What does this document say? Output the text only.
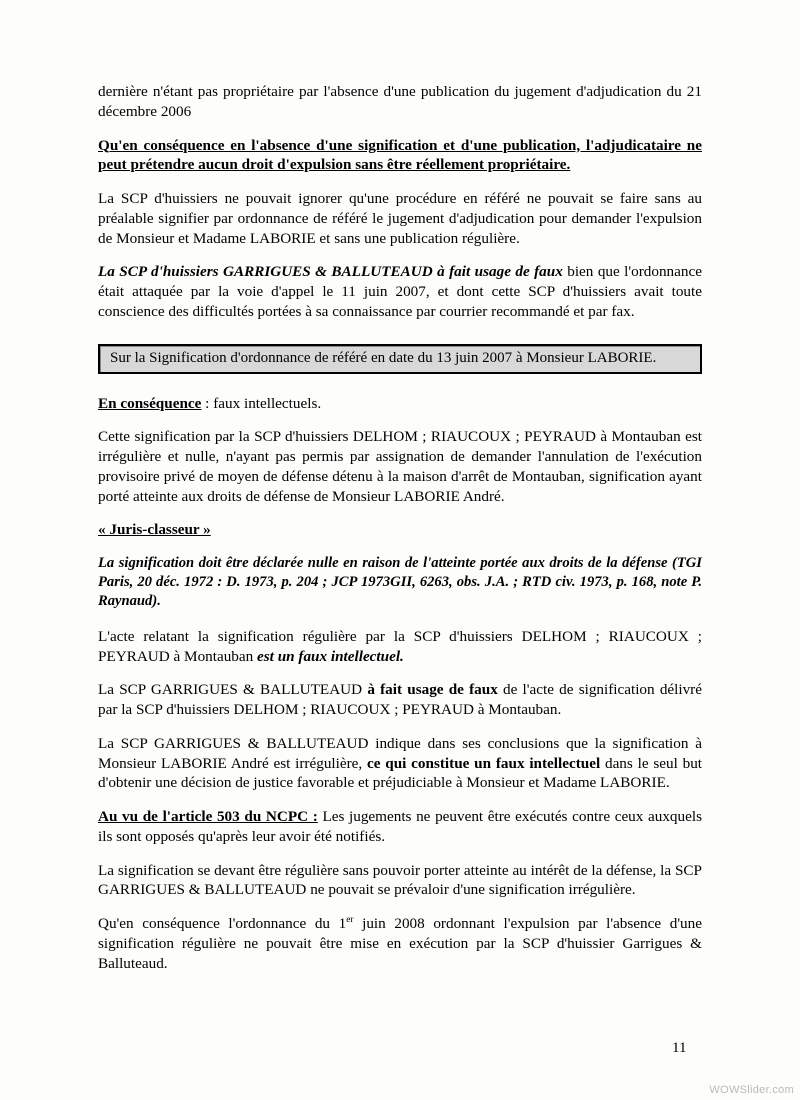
dernière n'étant pas propriétaire par l'absence d'une publication du jugement d'adjudication du 21 décembre 2006

Qu'en conséquence en l'absence d'une signification et d'une publication, l'adjudicataire ne peut prétendre aucun droit d'expulsion sans être réellement propriétaire.

La SCP d'huissiers ne pouvait ignorer qu'une procédure en référé ne pouvait se faire sans au préalable signifier par ordonnance de référé le jugement d'adjudication pour demander l'expulsion de Monsieur et Madame LABORIE et sans une publication régulière.

La SCP d'huissiers GARRIGUES & BALLUTEAUD à fait usage de faux bien que l'ordonnance était attaquée par la voie d'appel le 11 juin 2007, et dont cette SCP d'huissiers avait toute conscience des difficultés portées à sa connaissance par courrier recommandé et par fax.

Sur la Signification d'ordonnance de référé en date du 13 juin 2007 à Monsieur LABORIE.

En conséquence : faux intellectuels.

Cette signification par la SCP d'huissiers DELHOM ; RIAUCOUX ; PEYRAUD à Montauban est irrégulière et nulle, n'ayant pas permis par assignation de demander l'annulation de l'exécution provisoire privé de moyen de défense détenu à la maison d'arrêt de Montauban, signification ayant porté atteinte aux droits de défense de Monsieur LABORIE André.

« Juris-classeur »

La signification doit être déclarée nulle en raison de l'atteinte portée aux droits de la défense (TGI Paris, 20 déc. 1972 : D. 1973, p. 204 ; JCP 1973GII, 6263, obs. J.A. ; RTD civ. 1973, p. 168, note P. Raynaud).

L'acte relatant la signification régulière par la SCP d'huissiers DELHOM ; RIAUCOUX ; PEYRAUD à Montauban est un faux intellectuel.

La SCP GARRIGUES & BALLUTEAUD à fait usage de faux de l'acte de signification délivré par la SCP d'huissiers DELHOM ; RIAUCOUX ; PEYRAUD à Montauban.

La SCP GARRIGUES & BALLUTEAUD indique dans ses conclusions que la signification à Monsieur LABORIE André est irrégulière, ce qui constitue un faux intellectuel dans le seul but d'obtenir une décision de justice favorable et préjudiciable à Monsieur et Madame LABORIE.

Au vu de l'article 503 du NCPC : Les jugements ne peuvent être exécutés contre ceux auxquels ils sont opposés qu'après leur avoir été notifiés.

La signification se devant être régulière sans pouvoir porter atteinte au intérêt de la défense, la SCP GARRIGUES & BALLUTEAUD ne pouvait se prévaloir d'une signification irrégulière.

Qu'en conséquence l'ordonnance du 1er juin 2008 ordonnant l'expulsion par l'absence d'une signification régulière ne pouvait être mise en exécution par la SCP d'huissier Garrigues & Balluteaud.

11
WOWSlider.com
